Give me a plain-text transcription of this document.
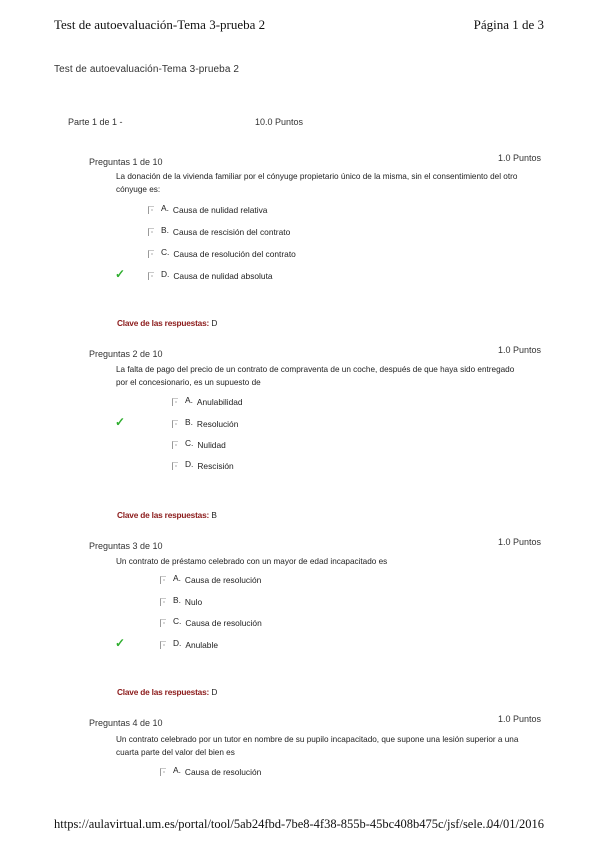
Test de autoevaluación-Tema 3-prueba 2	Página 1 de 3
Test de autoevaluación-Tema 3-prueba 2
Parte 1 de 1 -	10.0 Puntos
Preguntas 1 de 10	1.0 Puntos
La donación de la vivienda familiar por el cónyuge propietario único de la misma, sin el consentimiento del otro cónyuge es:
A. Causa de nulidad relativa
B. Causa de rescisión del contrato
C. Causa de resolución del contrato
✓	D. Causa de nulidad absoluta
Clave de las respuestas: D
Preguntas 2 de 10	1.0 Puntos
La falta de pago del precio de un contrato de compraventa de un coche, después de que haya sido entregado por el concesionario, es un supuesto de
A. Anulabilidad
✓	B. Resolución
C. Nulidad
D. Rescisión
Clave de las respuestas: B
Preguntas 3 de 10	1.0 Puntos
Un contrato de préstamo celebrado con un mayor de edad incapacitado es
A. Causa de resolución
B. Nulo
C. Causa de resolución
✓	D. Anulable
Clave de las respuestas: D
Preguntas 4 de 10	1.0 Puntos
Un contrato celebrado por un tutor en nombre de su pupilo incapacitado, que supone una lesión superior a una cuarta parte del valor del bien es
A. Causa de resolución
https://aulavirtual.um.es/portal/tool/5ab24fbd-7be8-4f38-855b-45bc408b475c/jsf/sele...
04/01/2016
